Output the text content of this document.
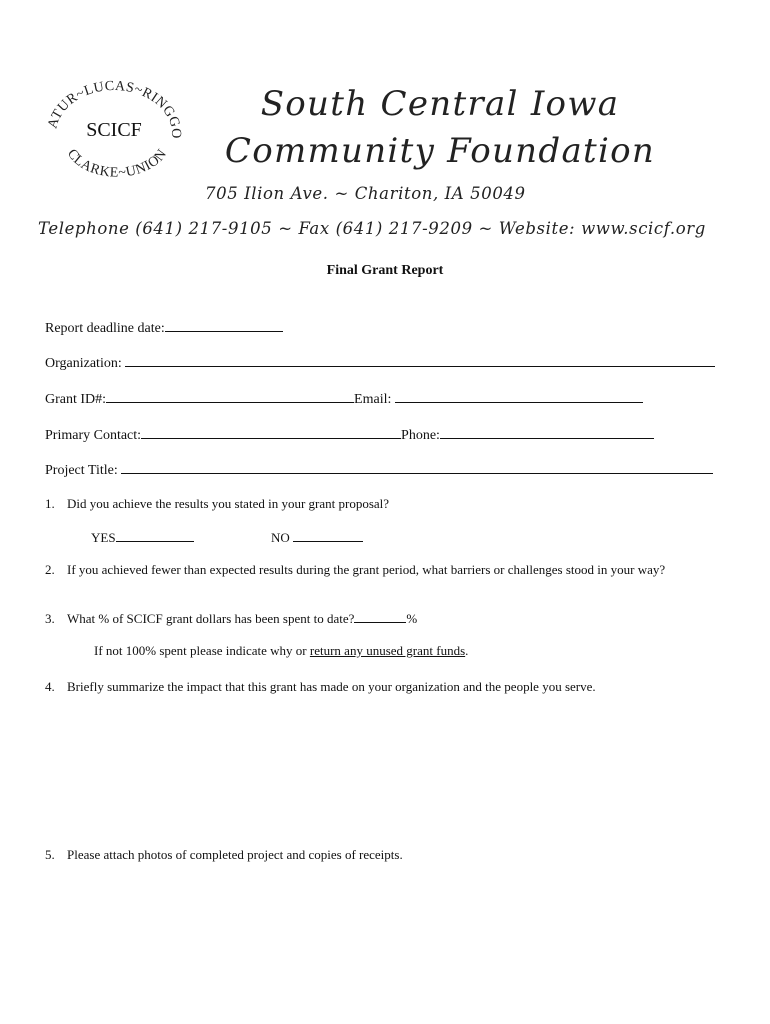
ATUR~LUCAS~RINGGO
CLARKE~UNION
SCICF
South Central Iowa
Community Foundation
705 Ilion Ave. ~ Chariton, IA 50049
Telephone (641) 217-9105 ~ Fax (641) 217-9209 ~ Website: www.scicf.org
Final Grant Report
Report deadline date:
Organization:
Grant ID#:	Email:
Primary Contact:	Phone:
Project Title:
1. Did you achieve the results you stated in your grant proposal?
YES	NO
2. If you achieved fewer than expected results during the grant period, what barriers or challenges stood in your way?
3. What % of SCICF grant dollars has been spent to date?	%
If not 100% spent please indicate why or return any unused grant funds.
4. Briefly summarize the impact that this grant has made on your organization and the people you serve.
5. Please attach photos of completed project and copies of receipts.
